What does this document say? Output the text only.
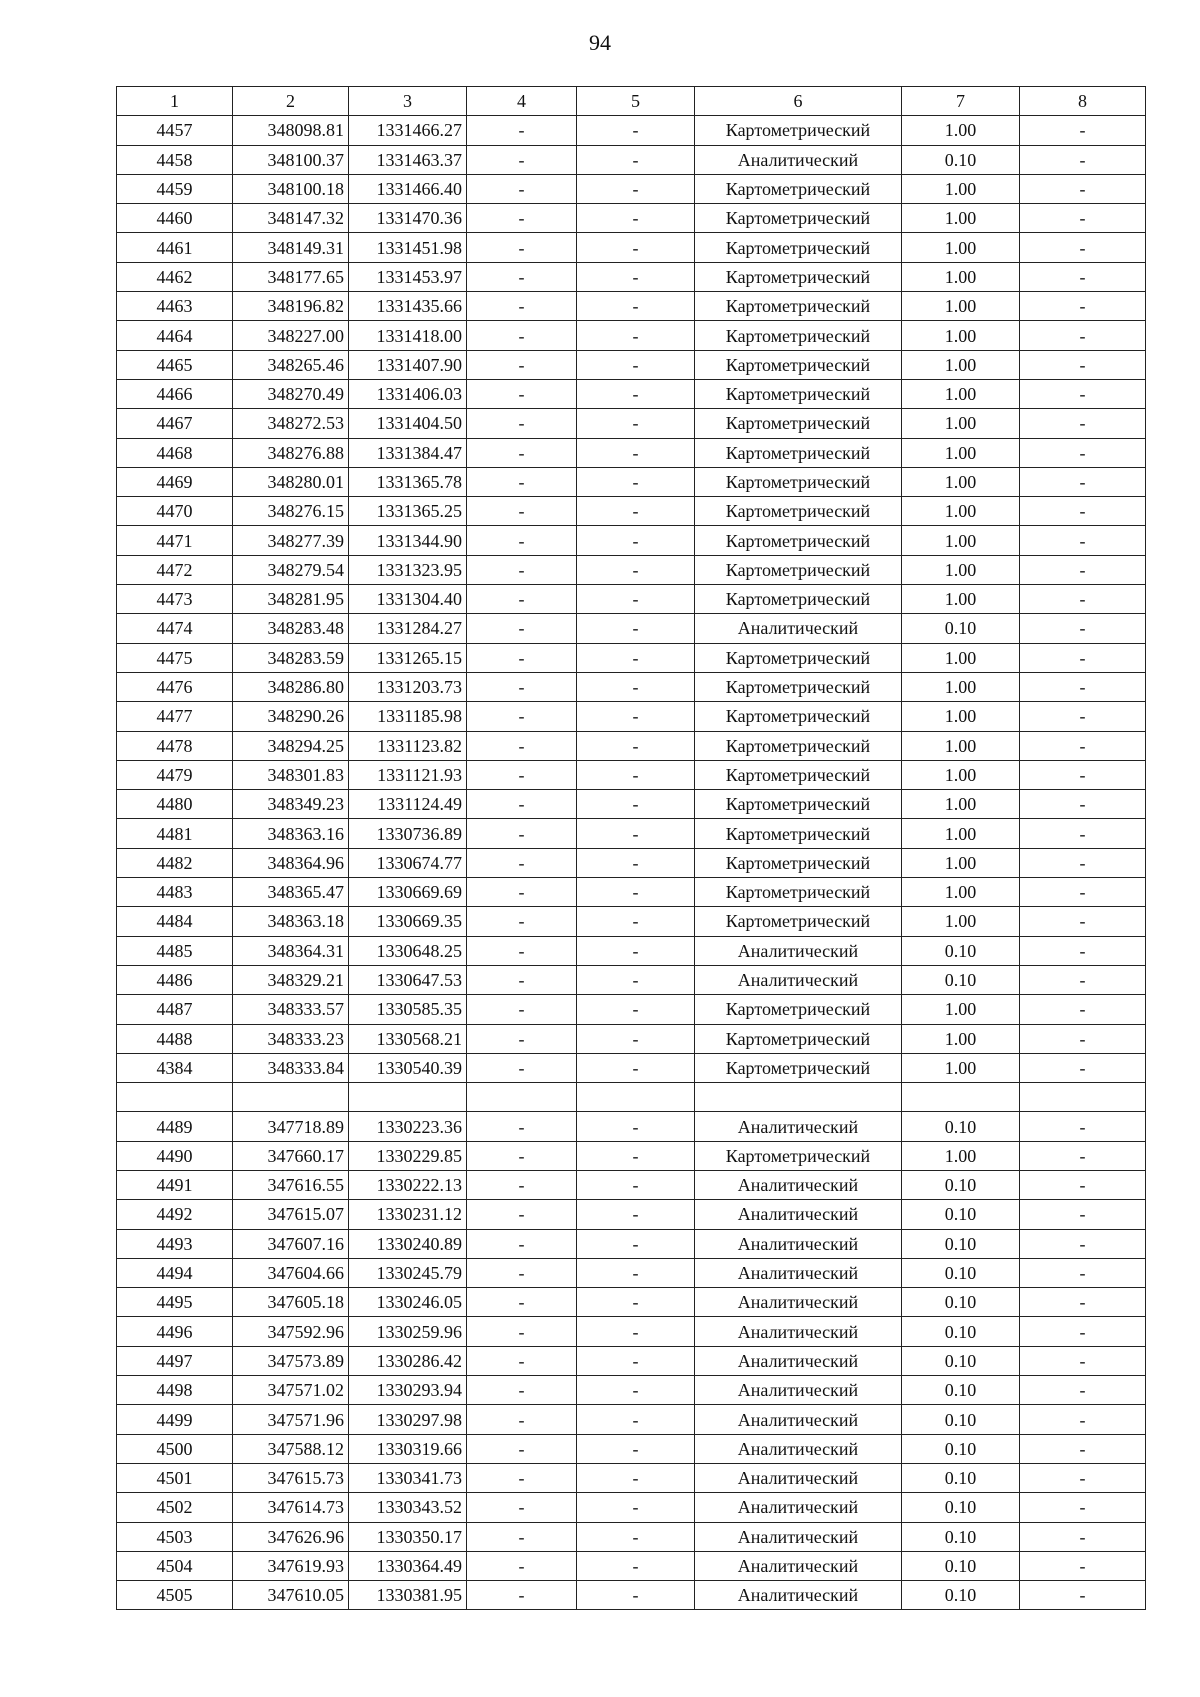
94
1	2	3	4	5	6	7	8
4457	348098.81	1331466.27	-	-	Картометрический	1.00	-
4458	348100.37	1331463.37	-	-	Аналитический	0.10	-
4459	348100.18	1331466.40	-	-	Картометрический	1.00	-
4460	348147.32	1331470.36	-	-	Картометрический	1.00	-
4461	348149.31	1331451.98	-	-	Картометрический	1.00	-
4462	348177.65	1331453.97	-	-	Картометрический	1.00	-
4463	348196.82	1331435.66	-	-	Картометрический	1.00	-
4464	348227.00	1331418.00	-	-	Картометрический	1.00	-
4465	348265.46	1331407.90	-	-	Картометрический	1.00	-
4466	348270.49	1331406.03	-	-	Картометрический	1.00	-
4467	348272.53	1331404.50	-	-	Картометрический	1.00	-
4468	348276.88	1331384.47	-	-	Картометрический	1.00	-
4469	348280.01	1331365.78	-	-	Картометрический	1.00	-
4470	348276.15	1331365.25	-	-	Картометрический	1.00	-
4471	348277.39	1331344.90	-	-	Картометрический	1.00	-
4472	348279.54	1331323.95	-	-	Картометрический	1.00	-
4473	348281.95	1331304.40	-	-	Картометрический	1.00	-
4474	348283.48	1331284.27	-	-	Аналитический	0.10	-
4475	348283.59	1331265.15	-	-	Картометрический	1.00	-
4476	348286.80	1331203.73	-	-	Картометрический	1.00	-
4477	348290.26	1331185.98	-	-	Картометрический	1.00	-
4478	348294.25	1331123.82	-	-	Картометрический	1.00	-
4479	348301.83	1331121.93	-	-	Картометрический	1.00	-
4480	348349.23	1331124.49	-	-	Картометрический	1.00	-
4481	348363.16	1330736.89	-	-	Картометрический	1.00	-
4482	348364.96	1330674.77	-	-	Картометрический	1.00	-
4483	348365.47	1330669.69	-	-	Картометрический	1.00	-
4484	348363.18	1330669.35	-	-	Картометрический	1.00	-
4485	348364.31	1330648.25	-	-	Аналитический	0.10	-
4486	348329.21	1330647.53	-	-	Аналитический	0.10	-
4487	348333.57	1330585.35	-	-	Картометрический	1.00	-
4488	348333.23	1330568.21	-	-	Картометрический	1.00	-
4384	348333.84	1330540.39	-	-	Картометрический	1.00	-

4489	347718.89	1330223.36	-	-	Аналитический	0.10	-
4490	347660.17	1330229.85	-	-	Картометрический	1.00	-
4491	347616.55	1330222.13	-	-	Аналитический	0.10	-
4492	347615.07	1330231.12	-	-	Аналитический	0.10	-
4493	347607.16	1330240.89	-	-	Аналитический	0.10	-
4494	347604.66	1330245.79	-	-	Аналитический	0.10	-
4495	347605.18	1330246.05	-	-	Аналитический	0.10	-
4496	347592.96	1330259.96	-	-	Аналитический	0.10	-
4497	347573.89	1330286.42	-	-	Аналитический	0.10	-
4498	347571.02	1330293.94	-	-	Аналитический	0.10	-
4499	347571.96	1330297.98	-	-	Аналитический	0.10	-
4500	347588.12	1330319.66	-	-	Аналитический	0.10	-
4501	347615.73	1330341.73	-	-	Аналитический	0.10	-
4502	347614.73	1330343.52	-	-	Аналитический	0.10	-
4503	347626.96	1330350.17	-	-	Аналитический	0.10	-
4504	347619.93	1330364.49	-	-	Аналитический	0.10	-
4505	347610.05	1330381.95	-	-	Аналитический	0.10	-
